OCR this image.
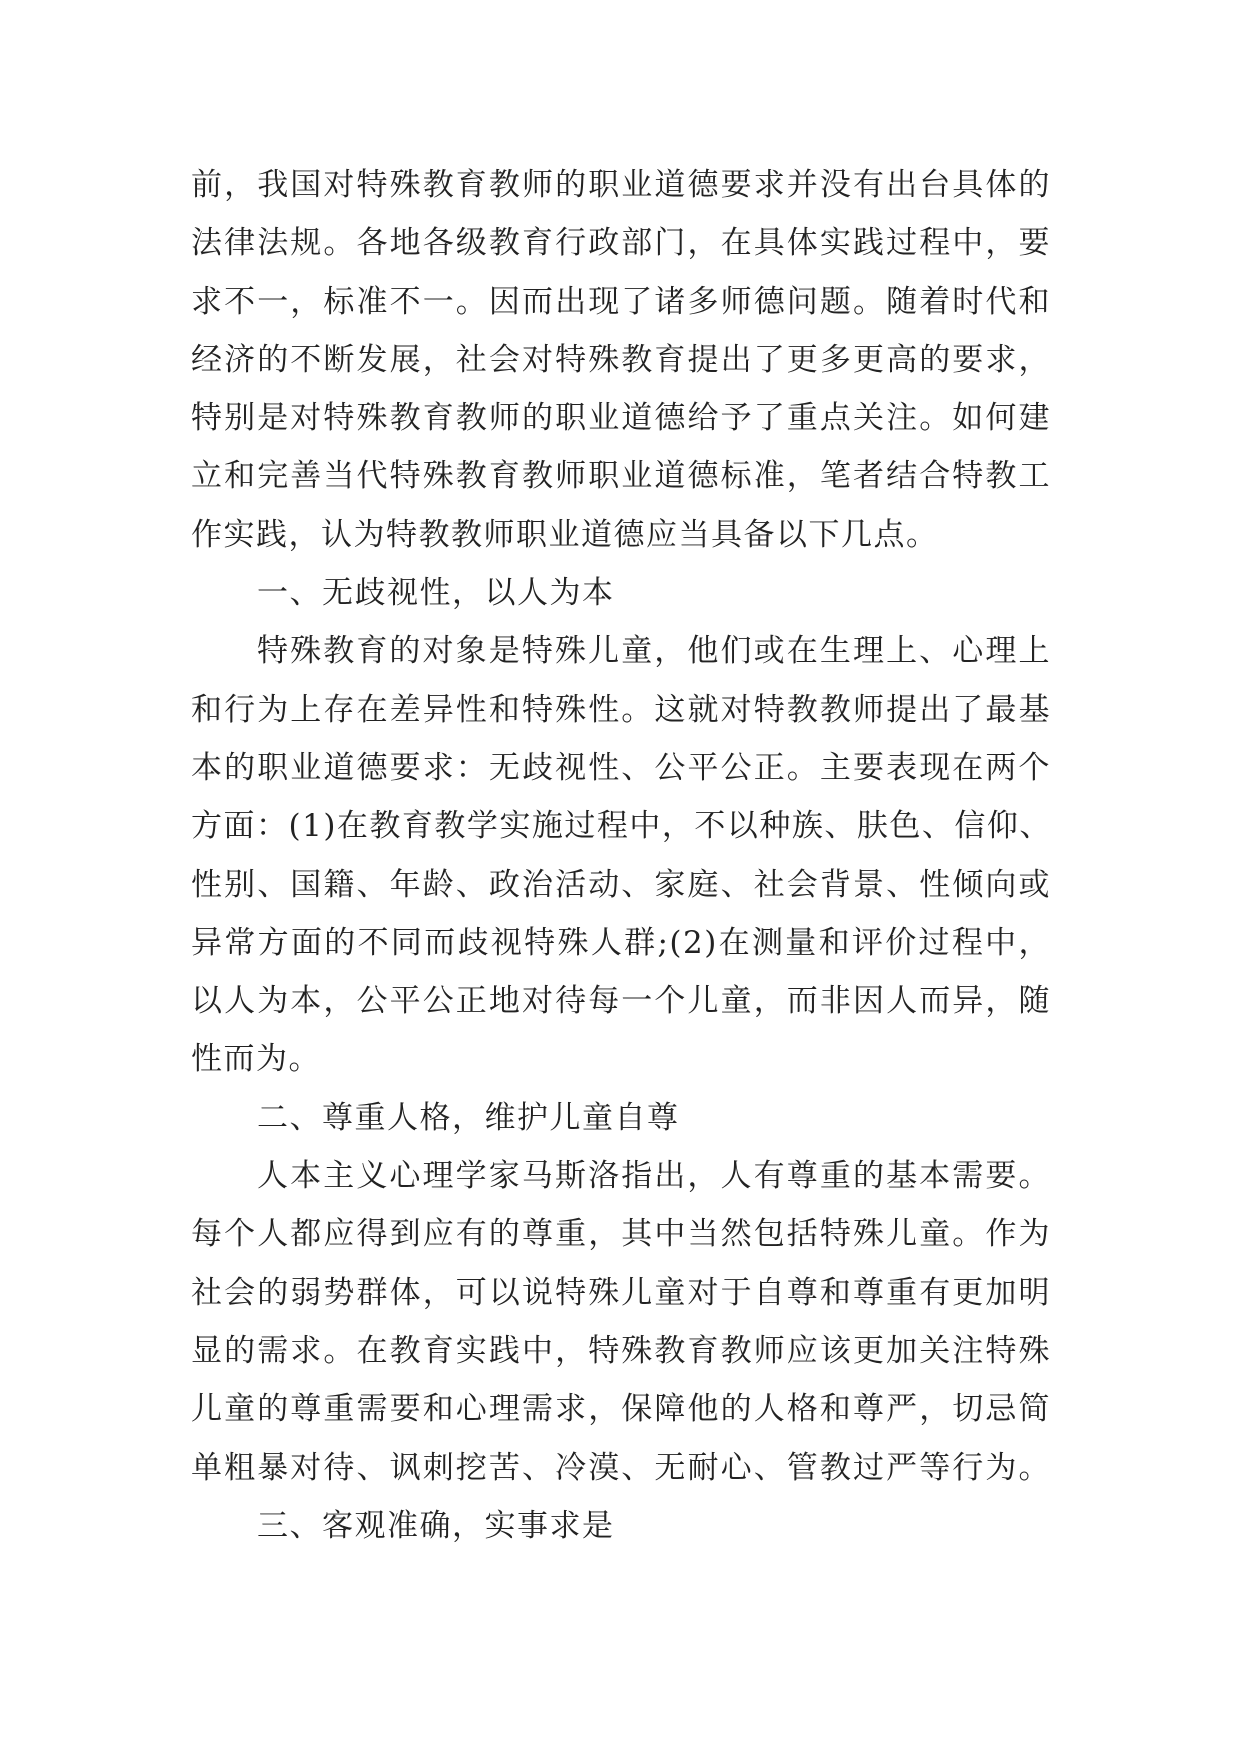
前，我国对特殊教育教师的职业道德要求并没有出台具体的
法律法规。各地各级教育行政部门，在具体实践过程中，要
求不一，标准不一。因而出现了诸多师德问题。随着时代和
经济的不断发展，社会对特殊教育提出了更多更高的要求，
特别是对特殊教育教师的职业道德给予了重点关注。如何建
立和完善当代特殊教育教师职业道德标准，笔者结合特教工
作实践，认为特教教师职业道德应当具备以下几点。
一、无歧视性，以人为本
特殊教育的对象是特殊儿童，他们或在生理上、心理上
和行为上存在差异性和特殊性。这就对特教教师提出了最基
本的职业道德要求：无歧视性、公平公正。主要表现在两个
方面：(1)在教育教学实施过程中，不以种族、肤色、信仰、
性别、国籍、年龄、政治活动、家庭、社会背景、性倾向或
异常方面的不同而歧视特殊人群;(2)在测量和评价过程中，
以人为本，公平公正地对待每一个儿童，而非因人而异，随
性而为。
二、尊重人格，维护儿童自尊
人本主义心理学家马斯洛指出，人有尊重的基本需要。
每个人都应得到应有的尊重，其中当然包括特殊儿童。作为
社会的弱势群体，可以说特殊儿童对于自尊和尊重有更加明
显的需求。在教育实践中，特殊教育教师应该更加关注特殊
儿童的尊重需要和心理需求，保障他的人格和尊严，切忌简
单粗暴对待、讽刺挖苦、冷漠、无耐心、管教过严等行为。
三、客观准确，实事求是
